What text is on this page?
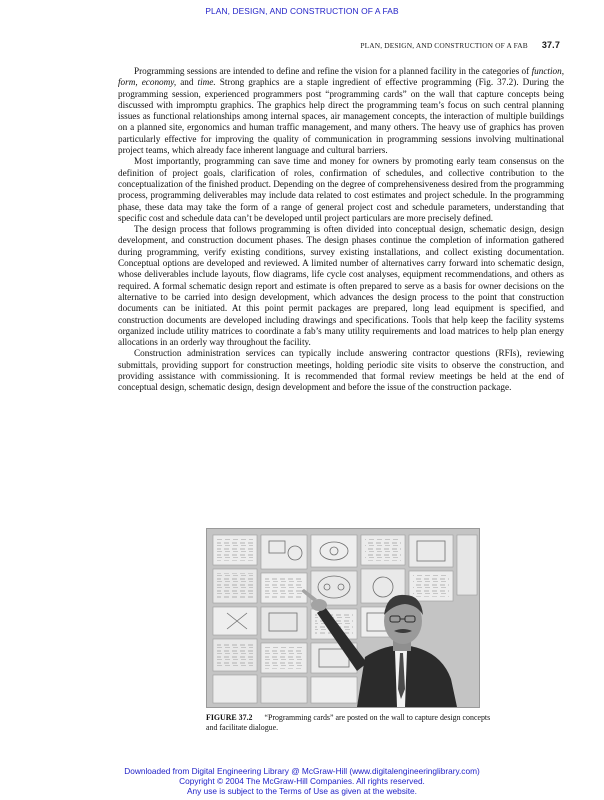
PLAN, DESIGN, AND CONSTRUCTION OF A FAB
PLAN, DESIGN, AND CONSTRUCTION OF A FAB 37.7

Programming sessions are intended to define and refine the vision for a planned facility in the categories of function, form, economy, and time. Strong graphics are a staple ingredient of effective programming (Fig. 37.2). During the programming session, experienced programmers post “programming cards” on the wall that capture concepts being discussed with impromptu graphics. The graphics help direct the programming team’s focus on such central planning issues as functional relationships among internal spaces, air management concepts, the interaction of multiple buildings on a planned site, ergonomics and human traffic management, and many others. The heavy use of graphics has proven particularly effective for improving the quality of communication in programming sessions involving multinational project teams, which already face inherent language and cultural barriers.

Most importantly, programming can save time and money for owners by promoting early team consensus on the definition of project goals, clarification of roles, confirmation of schedules, and collective contribution to the conceptualization of the finished product. Depending on the degree of comprehensiveness desired from the programming process, programming deliverables may include data related to cost estimates and project schedule. In the programming phase, these data may take the form of a range of general project cost and schedule parameters, understanding that specific cost and schedule data can’t be developed until project particulars are more precisely defined.

The design process that follows programming is often divided into conceptual design, schematic design, design development, and construction document phases. The design phases continue the completion of information gathered during programming, verify existing conditions, survey existing installations, and collect existing documentation. Conceptual options are developed and reviewed. A limited number of alternatives carry forward into schematic design, whose deliverables include layouts, flow diagrams, life cycle cost analyses, equipment recommendations, and others as required. A formal schematic design report and estimate is often prepared to serve as a basis for owner decisions on the alternative to be carried into design development, which advances the design process to the point that construction documents can be initiated. At this point permit packages are prepared, long lead equipment is specified, and construction documents are developed including drawings and specifications. Tools that help keep the facility systems organized include utility matrices to coordinate a fab’s many utility requirements and load matrices to help plan energy allocations in an orderly way throughout the facility.

Construction administration services can typically include answering contractor questions (RFIs), reviewing submittals, providing support for construction meetings, holding periodic site visits to observe the construction, and providing assistance with commissioning. It is recommended that formal review meetings be held at the end of conceptual design, schematic design, design development and before the issue of the construction package.

FIGURE 37.2 “Programming cards” are posted on the wall to capture design concepts and facilitate dialogue.
Downloaded from Digital Engineering Library @ McGraw-Hill (www.digitalengineeringlibrary.com)
Copyright © 2004 The McGraw-Hill Companies. All rights reserved.
Any use is subject to the Terms of Use as given at the website.
